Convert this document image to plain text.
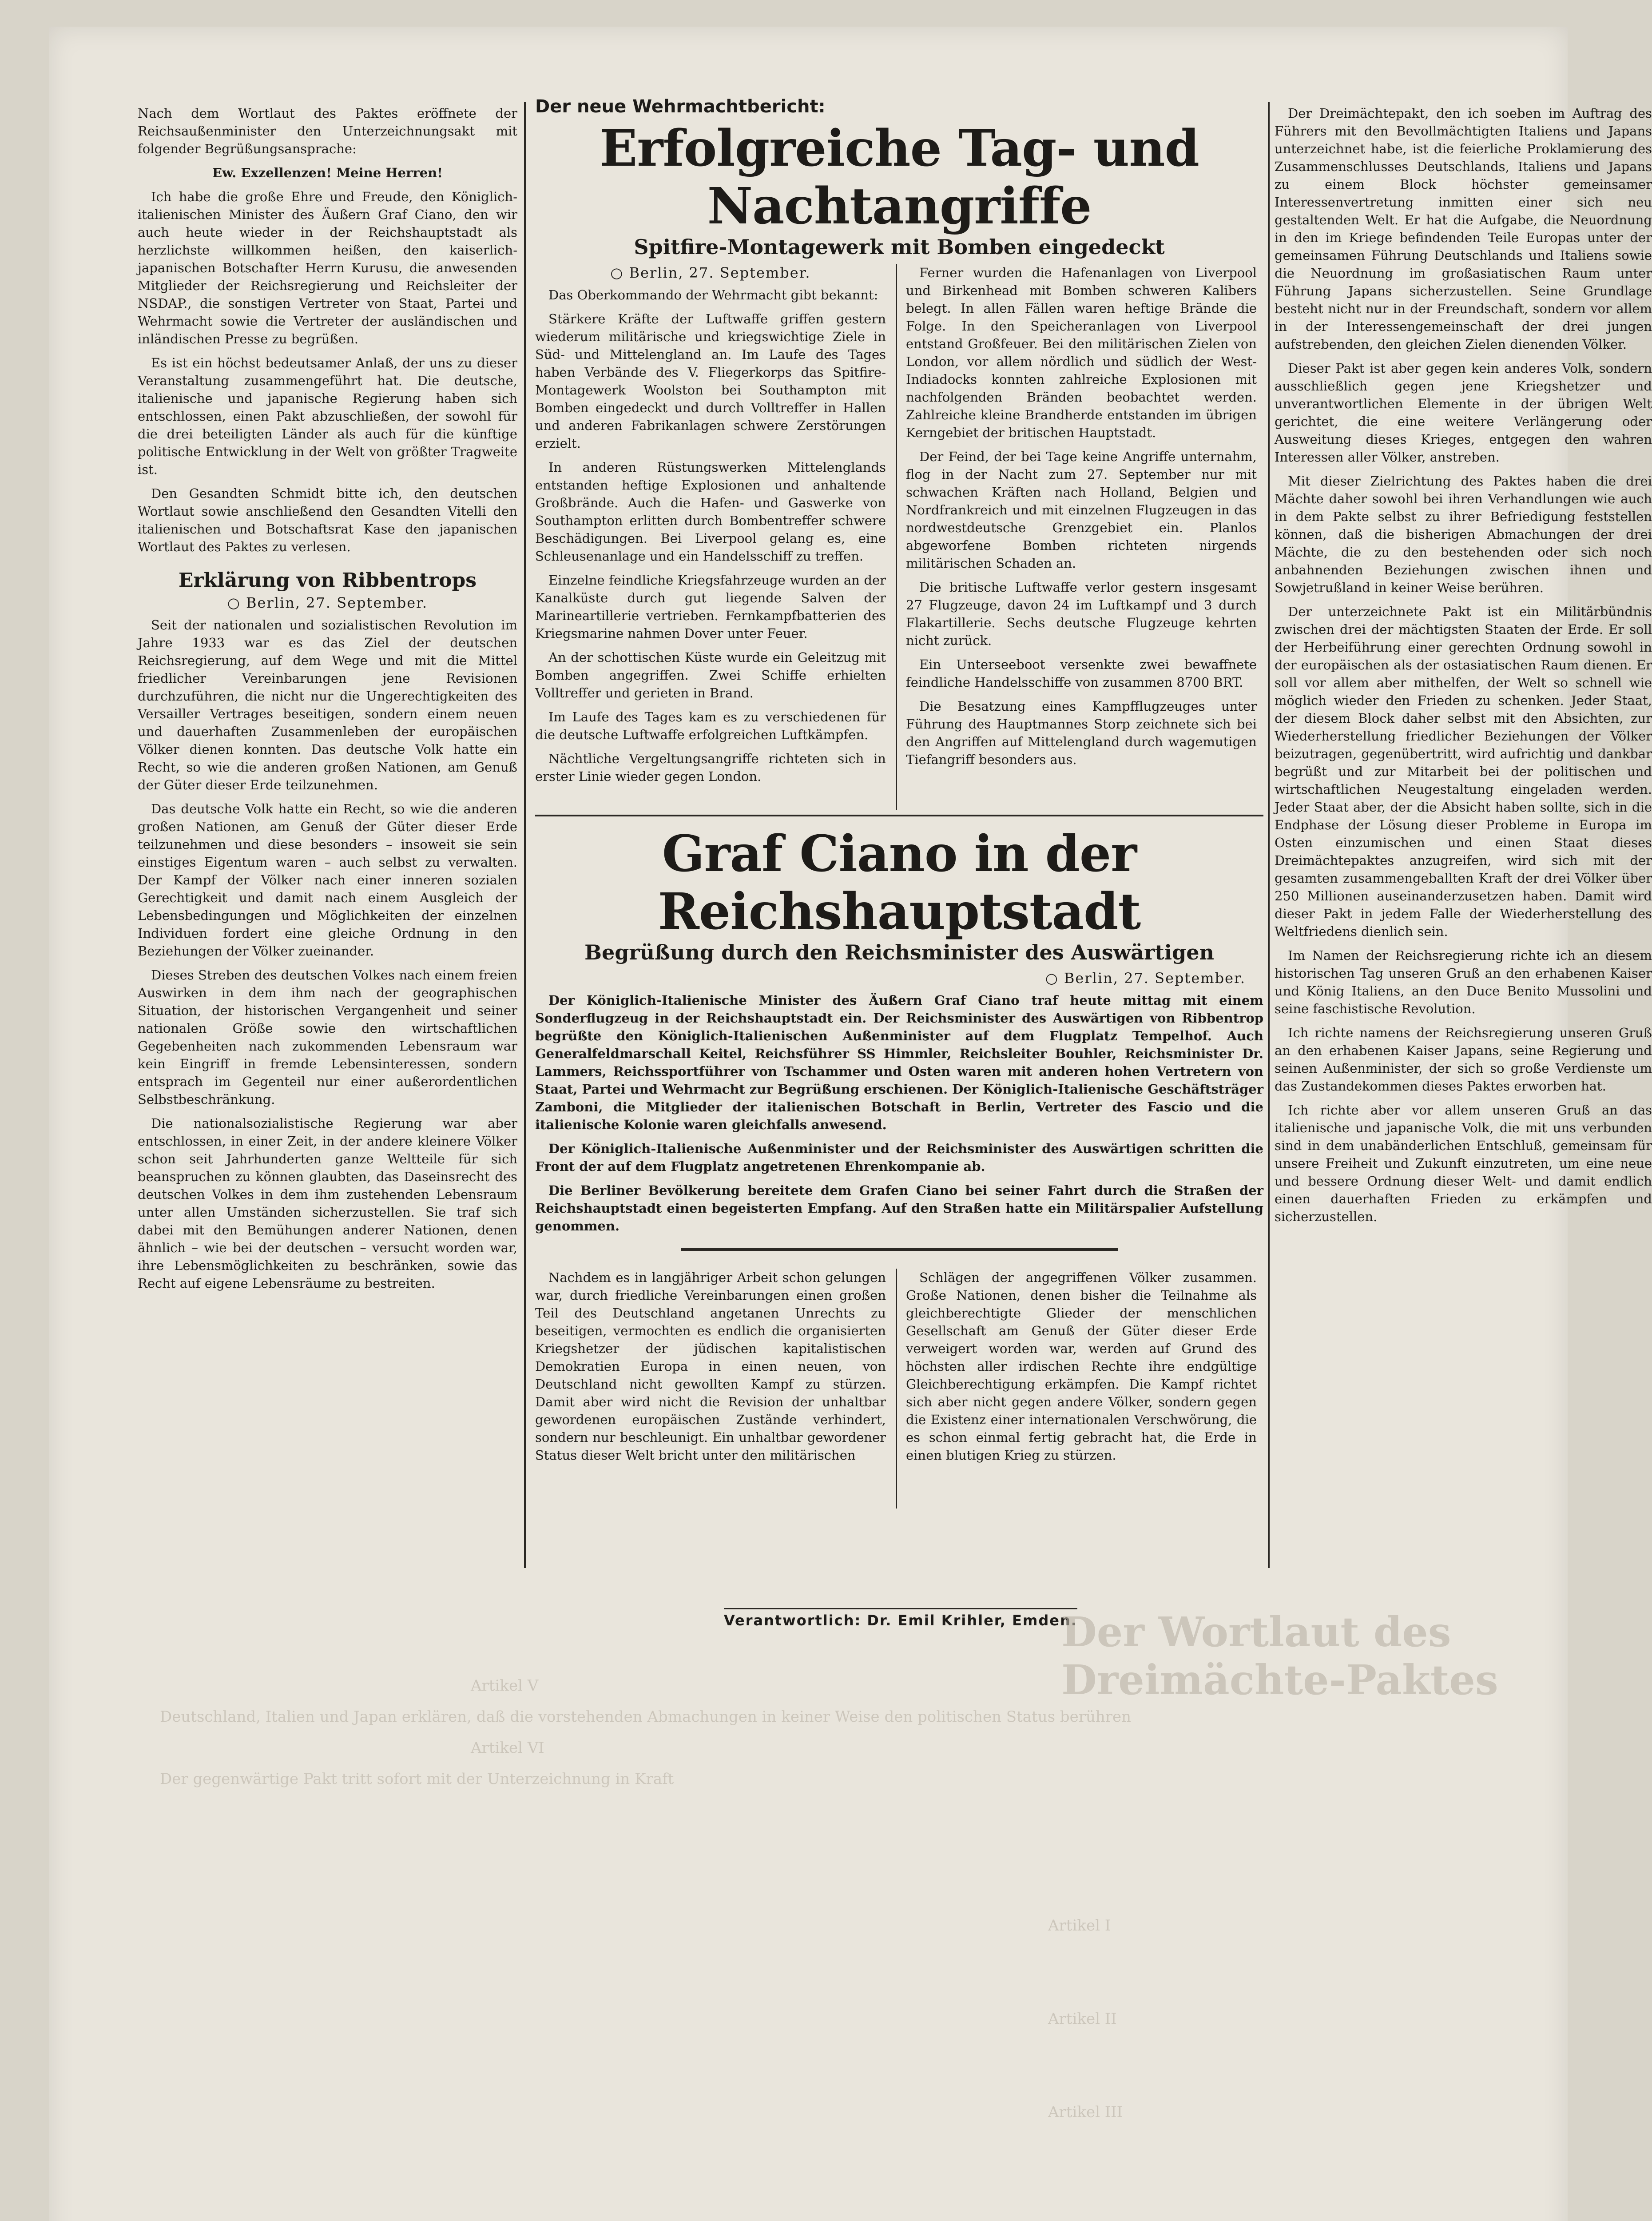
Nach dem Wortlaut des Paktes eröffnete der Reichsaußenminister den Unterzeichnungsakt mit folgender Begrüßungsansprache:

Ew. Exzellenzen! Meine Herren!

Ich habe die große Ehre und Freude, den Königlich-italienischen Minister des Äußern Graf Ciano, den wir auch heute wieder in der Reichshauptstadt als herzlichste willkommen heißen, den kaiserlich-japanischen Botschafter Herrn Kurusu, die anwesenden Mitglieder der Reichsregierung und Reichsleiter der NSDAP., die sonstigen Vertreter von Staat, Partei und Wehrmacht sowie die Vertreter der ausländischen und inländischen Presse zu begrüßen.

Es ist ein höchst bedeutsamer Anlaß, der uns zu dieser Veranstaltung zusammengeführt hat. Die deutsche, italienische und japanische Regierung haben sich entschlossen, einen Pakt abzuschließen, der sowohl für die drei beteiligten Länder als auch für die künftige politische Entwicklung in der Welt von größter Tragweite ist.

Den Gesandten Schmidt bitte ich, den deutschen Wortlaut sowie anschließend den Gesandten Vitelli den italienischen und Botschaftsrat Kase den japanischen Wortlaut des Paktes zu verlesen.

Erklärung von Ribbentrops
○ Berlin, 27. September.

Seit der nationalen und sozialistischen Revolution im Jahre 1933 war es das Ziel der deutschen Reichsregierung, auf dem Wege und mit die Mittel friedlicher Vereinbarungen jene Revisionen durchzuführen, die nicht nur die Ungerechtigkeiten des Versailler Vertrages beseitigen, sondern einem neuen und dauerhaften Zusammenleben der europäischen Völker dienen konnten. Das deutsche Volk hatte ein Recht, so wie die anderen großen Nationen, am Genuß der Güter dieser Erde teilzunehmen.

Das deutsche Volk hatte ein Recht, so wie die anderen großen Nationen, am Genuß der Güter dieser Erde teilzunehmen und diese besonders – insoweit sie sein einstiges Eigentum waren – auch selbst zu verwalten. Der Kampf der Völker nach einer inneren sozialen Gerechtigkeit und damit nach einem Ausgleich der Lebensbedingungen und Möglichkeiten der einzelnen Individuen fordert eine gleiche Ordnung in den Beziehungen der Völker zueinander.

Dieses Streben des deutschen Volkes nach einem freien Auswirken in dem ihm nach der geographischen Situation, der historischen Vergangenheit und seiner nationalen Größe sowie den wirtschaftlichen Gegebenheiten nach zukommenden Lebensraum war kein Eingriff in fremde Lebensinteressen, sondern entsprach im Gegenteil nur einer außerordentlichen Selbstbeschränkung.

Die nationalsozialistische Regierung war aber entschlossen, in einer Zeit, in der andere kleinere Völker schon seit Jahrhunderten ganze Weltteile für sich beanspruchen zu können glaubten, das Daseinsrecht des deutschen Volkes in dem ihm zustehenden Lebensraum unter allen Umständen sicherzustellen. Sie traf sich dabei mit den Bemühungen anderer Nationen, denen ähnlich – wie bei der deutschen – versucht worden war, ihre Lebensmöglichkeiten zu beschränken, sowie das Recht auf eigene Lebensräume zu bestreiten.

Der neue Wehrmachtbericht:
Erfolgreiche Tag- und Nachtangriffe
Spitfire-Montagewerk mit Bomben eingedeckt
○ Berlin, 27. September.

Das Oberkommando der Wehrmacht gibt bekannt:

Stärkere Kräfte der Luftwaffe griffen gestern wiederum militärische und kriegswichtige Ziele in Süd- und Mittelengland an. Im Laufe des Tages haben Verbände des V. Fliegerkorps das Spitfire-Montagewerk Woolston bei Southampton mit Bomben eingedeckt und durch Volltreffer in Hallen und anderen Fabrikanlagen schwere Zerstörungen erzielt.

In anderen Rüstungswerken Mittelenglands entstanden heftige Explosionen und anhaltende Großbrände. Auch die Hafen- und Gaswerke von Southampton erlitten durch Bombentreffer schwere Beschädigungen. Bei Liverpool gelang es, eine Schleusenanlage und ein Handelsschiff zu treffen.

Einzelne feindliche Kriegsfahrzeuge wurden an der Kanalküste durch gut liegende Salven der Marineartillerie vertrieben. Fernkampfbatterien des Kriegsmarine nahmen Dover unter Feuer.

An der schottischen Küste wurde ein Geleitzug mit Bomben angegriffen. Zwei Schiffe erhielten Volltreffer und gerieten in Brand.

Im Laufe des Tages kam es zu verschiedenen für die deutsche Luftwaffe erfolgreichen Luftkämpfen.

Nächtliche Vergeltungsangriffe richteten sich in erster Linie wieder gegen London.

Ferner wurden die Hafenanlagen von Liverpool und Birkenhead mit Bomben schweren Kalibers belegt. In allen Fällen waren heftige Brände die Folge. In den Speicheranlagen von Liverpool entstand Großfeuer. Bei den militärischen Zielen von London, vor allem nördlich und südlich der West-Indiadocks konnten zahlreiche Explosionen mit nachfolgenden Bränden beobachtet werden. Zahlreiche kleine Brandherde entstanden im übrigen Kerngebiet der britischen Hauptstadt.

Der Feind, der bei Tage keine Angriffe unternahm, flog in der Nacht zum 27. September nur mit schwachen Kräften nach Holland, Belgien und Nordfrankreich und mit einzelnen Flugzeugen in das nordwestdeutsche Grenzgebiet ein. Planlos abgeworfene Bomben richteten nirgends militärischen Schaden an.

Die britische Luftwaffe verlor gestern insgesamt 27 Flugzeuge, davon 24 im Luftkampf und 3 durch Flakartillerie. Sechs deutsche Flugzeuge kehrten nicht zurück.

Ein Unterseeboot versenkte zwei bewaffnete feindliche Handelsschiffe von zusammen 8700 BRT.

Die Besatzung eines Kampfflugzeuges unter Führung des Hauptmannes Storp zeichnete sich bei den Angriffen auf Mittelengland durch wagemutigen Tiefangriff besonders aus.

Graf Ciano in der Reichshauptstadt
Begrüßung durch den Reichsminister des Auswärtigen
○ Berlin, 27. September.

Der Königlich-Italienische Minister des Äußern Graf Ciano traf heute mittag mit einem Sonderflugzeug in der Reichshauptstadt ein. Der Reichsminister des Auswärtigen von Ribbentrop begrüßte den Königlich-Italienischen Außenminister auf dem Flugplatz Tempelhof. Auch Generalfeldmarschall Keitel, Reichsführer SS Himmler, Reichsleiter Bouhler, Reichsminister Dr. Lammers, Reichssportführer von Tschammer und Osten waren mit anderen hohen Vertretern von Staat, Partei und Wehrmacht zur Begrüßung erschienen. Der Königlich-Italienische Geschäftsträger Zamboni, die Mitglieder der italienischen Botschaft in Berlin, Vertreter des Fascio und die italienische Kolonie waren gleichfalls anwesend.

Der Königlich-Italienische Außenminister und der Reichsminister des Auswärtigen schritten die Front der auf dem Flugplatz angetretenen Ehrenkompanie ab.

Die Berliner Bevölkerung bereitete dem Grafen Ciano bei seiner Fahrt durch die Straßen der Reichshauptstadt einen begeisterten Empfang. Auf den Straßen hatte ein Militärspalier Aufstellung genommen.

Nachdem es in langjähriger Arbeit schon gelungen war, durch friedliche Vereinbarungen einen großen Teil des Deutschland angetanen Unrechts zu beseitigen, vermochten es endlich die organisierten Kriegshetzer der jüdischen kapitalistischen Demokratien Europa in einen neuen, von Deutschland nicht gewollten Kampf zu stürzen. Damit aber wird nicht die Revision der unhaltbar gewordenen europäischen Zustände verhindert, sondern nur beschleunigt. Ein unhaltbar gewordener Status dieser Welt bricht unter den militärischen

Schlägen der angegriffenen Völker zusammen. Große Nationen, denen bisher die Teilnahme als gleichberechtigte Glieder der menschlichen Gesellschaft am Genuß der Güter dieser Erde verweigert worden war, werden auf Grund des höchsten aller irdischen Rechte ihre endgültige Gleichberechtigung erkämpfen. Die Kampf richtet sich aber nicht gegen andere Völker, sondern gegen die Existenz einer internationalen Verschwörung, die es schon einmal fertig gebracht hat, die Erde in einen blutigen Krieg zu stürzen.

Der Dreimächtepakt, den ich soeben im Auftrag des Führers mit den Bevollmächtigten Italiens und Japans unterzeichnet habe, ist die feierliche Proklamierung des Zusammenschlusses Deutschlands, Italiens und Japans zu einem Block höchster gemeinsamer Interessenvertretung inmitten einer sich neu gestaltenden Welt. Er hat die Aufgabe, die Neuordnung in den im Kriege befindenden Teile Europas unter der gemeinsamen Führung Deutschlands und Italiens sowie die Neuordnung im großasiatischen Raum unter Führung Japans sicherzustellen. Seine Grundlage besteht nicht nur in der Freundschaft, sondern vor allem in der Interessengemeinschaft der drei jungen aufstrebenden, den gleichen Zielen dienenden Völker.

Dieser Pakt ist aber gegen kein anderes Volk, sondern ausschließlich gegen jene Kriegshetzer und unverantwortlichen Elemente in der übrigen Welt gerichtet, die eine weitere Verlängerung oder Ausweitung dieses Krieges, entgegen den wahren Interessen aller Völker, anstreben.

Mit dieser Zielrichtung des Paktes haben die drei Mächte daher sowohl bei ihren Verhandlungen wie auch in dem Pakte selbst zu ihrer Befriedigung feststellen können, daß die bisherigen Abmachungen der drei Mächte, die zu den bestehenden oder sich noch anbahnenden Beziehungen zwischen ihnen und Sowjetrußland in keiner Weise berühren.

Der unterzeichnete Pakt ist ein Militärbündnis zwischen drei der mächtigsten Staaten der Erde. Er soll der Herbeiführung einer gerechten Ordnung sowohl in der europäischen als der ostasiatischen Raum dienen. Er soll vor allem aber mithelfen, der Welt so schnell wie möglich wieder den Frieden zu schenken. Jeder Staat, der diesem Block daher selbst mit den Absichten, zur Wiederherstellung friedlicher Beziehungen der Völker beizutragen, gegenübertritt, wird aufrichtig und dankbar begrüßt und zur Mitarbeit bei der politischen und wirtschaftlichen Neugestaltung eingeladen werden. Jeder Staat aber, der die Absicht haben sollte, sich in die Endphase der Lösung dieser Probleme in Europa im Osten einzumischen und einen Staat dieses Dreimächtepaktes anzugreifen, wird sich mit der gesamten zusammengeballten Kraft der drei Völker über 250 Millionen auseinanderzusetzen haben. Damit wird dieser Pakt in jedem Falle der Wiederherstellung des Weltfriedens dienlich sein.

Im Namen der Reichsregierung richte ich an diesem historischen Tag unseren Gruß an den erhabenen Kaiser und König Italiens, an den Duce Benito Mussolini und seine faschistische Revolution.

Ich richte namens der Reichsregierung unseren Gruß an den erhabenen Kaiser Japans, seine Regierung und seinen Außenminister, der sich so große Verdienste um das Zustandekommen dieses Paktes erworben hat.

Ich richte aber vor allem unseren Gruß an das italienische und japanische Volk, die mit uns verbunden sind in dem unabänderlichen Entschluß, gemeinsam für unsere Freiheit und Zukunft einzutreten, um eine neue und bessere Ordnung dieser Welt- und damit endlich einen dauerhaften Frieden zu erkämpfen und sicherzustellen.

Verantwortlich: Dr. Emil Krihler, Emden.
Der Wortlaut des Dreimächte-Paktes
Artikel V
Deutschland, Italien und Japan erklären, daß die vorstehenden Abmachungen in keiner Weise den politischen Status berühren
Artikel VI
Der gegenwärtige Pakt tritt sofort mit der Unterzeichnung in Kraft
Artikel I
Artikel II
Artikel III
